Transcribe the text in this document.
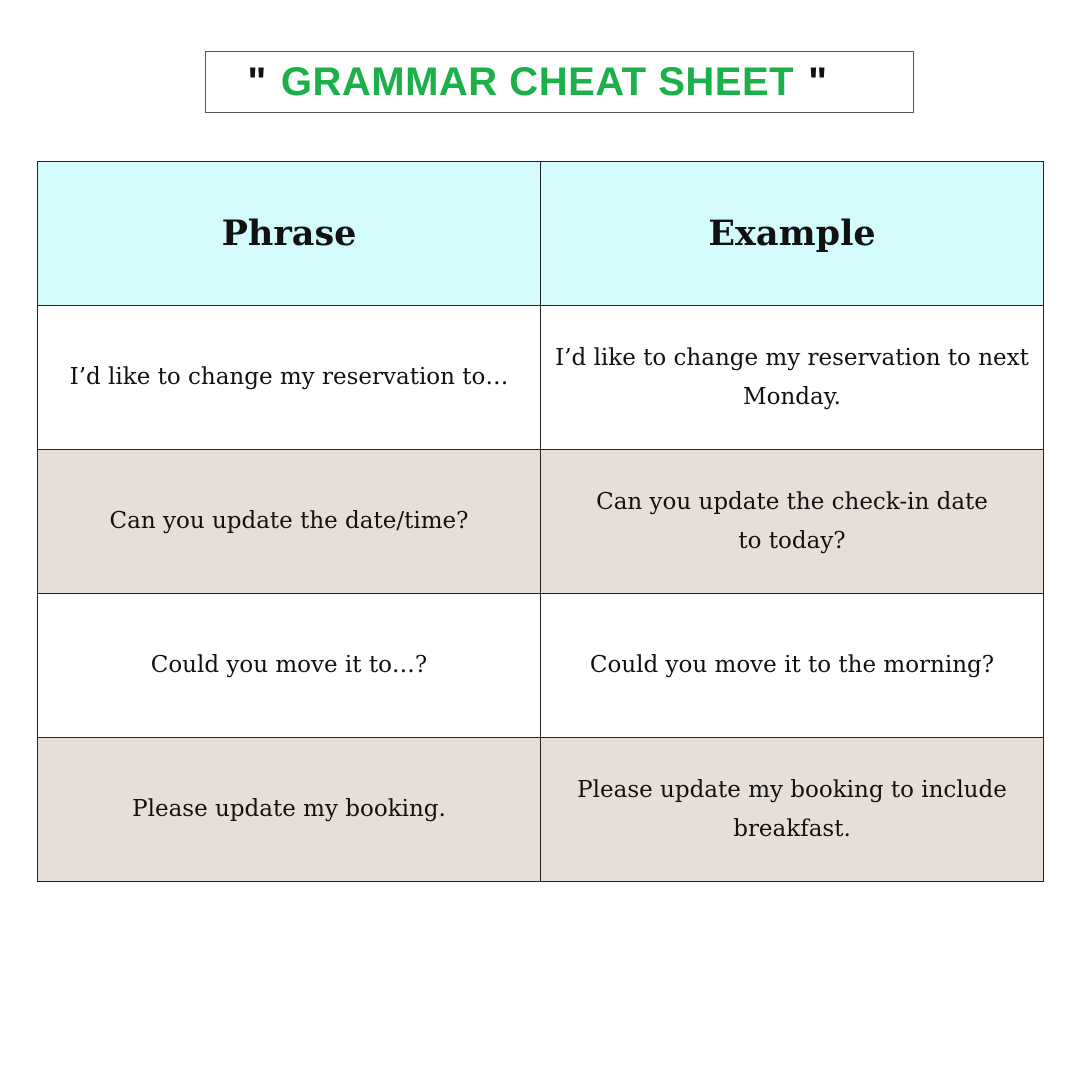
" GRAMMAR CHEAT SHEET "
Phrase	Example
I’d like to change my reservation to…	I’d like to change my reservation to next Monday.
Can you update the date/time?	Can you update the check-in date to today?
Could you move it to…?	Could you move it to the morning?
Please update my booking.	Please update my booking to include breakfast.
